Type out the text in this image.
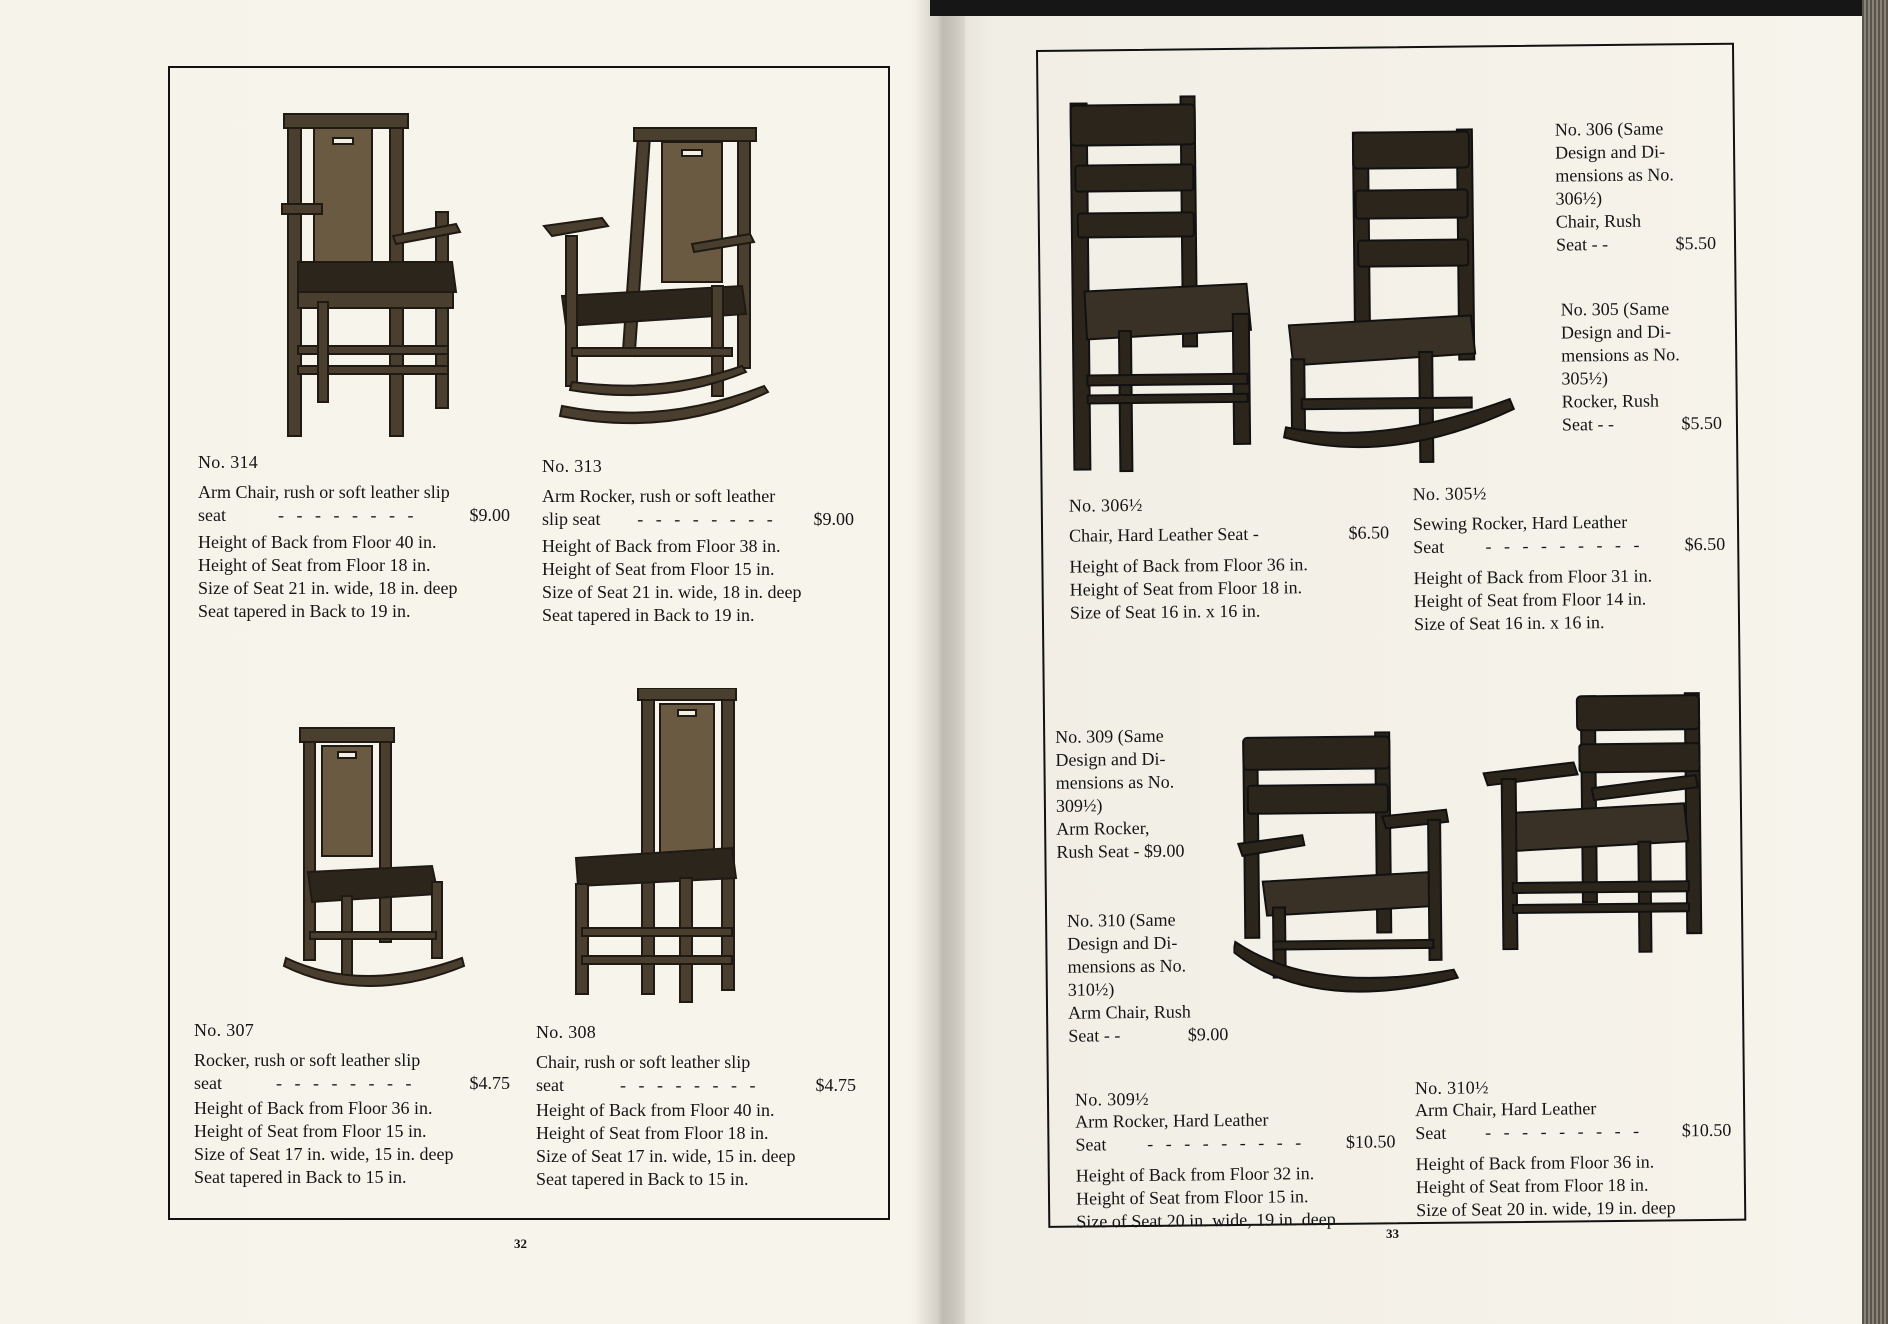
No. 314
Arm Chair, rush or soft leather slip
seat	- - - - - - - -	$9.00
Height of Back from Floor 40 in.
Height of Seat from Floor 18 in.
Size of Seat 21 in. wide, 18 in. deep
Seat tapered in Back to 19 in.
No. 313
Arm Rocker, rush or soft leather
slip seat - - - - - - - - $9.00
Height of Back from Floor 38 in.
Height of Seat from Floor 15 in.
Size of Seat 21 in. wide, 18 in. deep
Seat tapered in Back to 19 in.
No. 307
Rocker, rush or soft leather slip
seat	- - - - - - - -	$4.75
Height of Back from Floor 36 in.
Height of Seat from Floor 15 in.
Size of Seat 17 in. wide, 15 in. deep
Seat tapered in Back to 15 in.
No. 308
Chair, rush or soft leather slip
seat	- - - - - - - -	$4.75
Height of Back from Floor 40 in.
Height of Seat from Floor 18 in.
Size of Seat 17 in. wide, 15 in. deep
Seat tapered in Back to 15 in.
32
No. 306 (Same
Design and Di-
mensions as No.
306½)
Chair, Rush
Seat - -	$5.50
No. 305 (Same
Design and Di-
mensions as No.
305½)
Rocker, Rush
Seat - -	$5.50
No. 306½
Chair, Hard Leather Seat -	$6.50
Height of Back from Floor 36 in.
Height of Seat from Floor 18 in.
Size of Seat 16 in. x 16 in.
No. 305½
Sewing Rocker, Hard Leather
Seat - - - - - - - - - $6.50
Height of Back from Floor 31 in.
Height of Seat from Floor 14 in.
Size of Seat 16 in. x 16 in.
No. 309 (Same
Design and Di-
mensions as No.
309½)
Arm Rocker,
Rush Seat - $9.00
No. 310 (Same
Design and Di-
mensions as No.
310½)
Arm Chair, Rush
Seat - -	$9.00
No. 309½
Arm Rocker, Hard Leather
Seat - - - - - - - - - $10.50
Height of Back from Floor 32 in.
Height of Seat from Floor 15 in.
Size of Seat 20 in. wide, 19 in. deep
No. 310½
Arm Chair, Hard Leather
Seat - - - - - - - - - $10.50
Height of Back from Floor 36 in.
Height of Seat from Floor 18 in.
Size of Seat 20 in. wide, 19 in. deep
33
